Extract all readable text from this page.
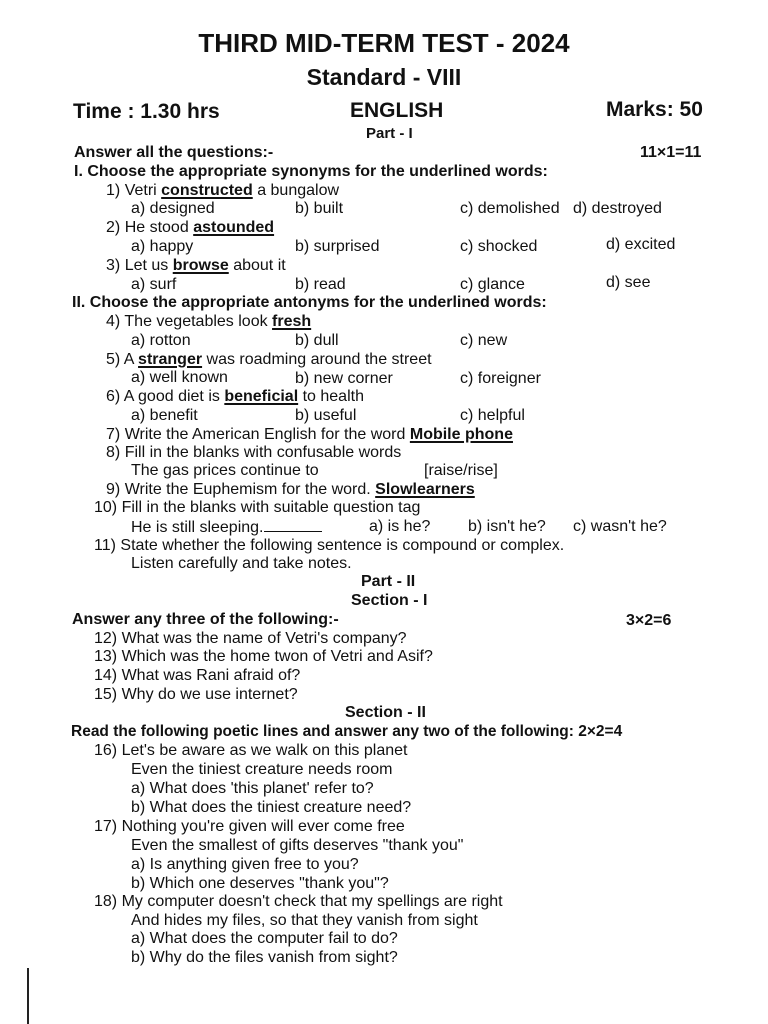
THIRD MID-TERM TEST - 2024
Standard - VIII
Time : 1.30 hrs	ENGLISH	Marks: 50
Part - I
Answer all the questions:-	11×1=11
I. Choose the appropriate synonyms for the underlined words:
1) Vetri constructed a bungalow
a) designed	b) built	c) demolished d) destroyed
2) He stood astounded
a) happy	b) surprised	c) shocked	d) excited
3) Let us browse about it
a) surf	b) read	c) glance	d) see
II. Choose the appropriate antonyms for the underlined words:
4) The vegetables look fresh
a) rotton	b) dull	c) new
5) A stranger was roadming around the street
a) well known	b) new corner	c) foreigner
6) A good diet is beneficial to health
a) benefit	b) useful	c) helpful
7) Write the American English for the word Mobile phone
8) Fill in the blanks with confusable words
The gas prices continue to	[raise/rise]
9) Write the Euphemism for the word. Slowlearners
10) Fill in the blanks with suitable question tag
He is still sleeping.	a) is he? b) isn't he? c) wasn't he?
11) State whether the following sentence is compound or complex.
Listen carefully and take notes.
Part - II
Section - I
Answer any three of the following:-	3×2=6
12) What was the name of Vetri's company?
13) Which was the home twon of Vetri and Asif?
14) What was Rani afraid of?
15) Why do we use internet?
Section - II
Read the following poetic lines and answer any two of the following: 2×2=4
16) Let's be aware as we walk on this planet
Even the tiniest creature needs room
a) What does 'this planet' refer to?
b) What does the tiniest creature need?
17) Nothing you're given will ever come free
Even the smallest of gifts deserves "thank you"
a) Is anything given free to you?
b) Which one deserves "thank you"?
18) My computer doesn't check that my spellings are right
And hides my files, so that they vanish from sight
a) What does the computer fail to do?
b) Why do the files vanish from sight?
